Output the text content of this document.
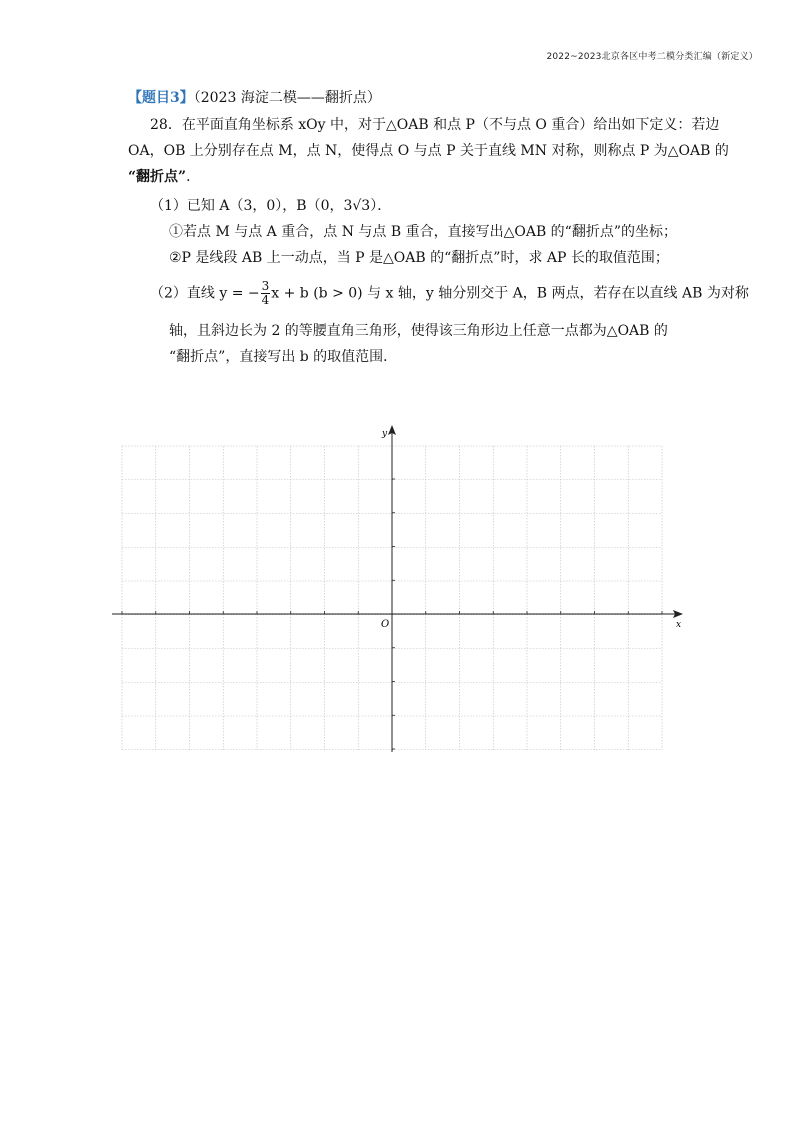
2022~2023北京各区中考二模分类汇编（新定义）
【题目3】（2023 海淀二模——翻折点）
28．在平面直角坐标系 xOy 中，对于△OAB 和点 P（不与点 O 重合）给出如下定义：若边
OA，OB 上分别存在点 M，点 N，使得点 O 与点 P 关于直线 MN 对称，则称点 P 为△OAB 的
“翻折点”．
（1）已知 A（3，0），B（0，3√3）．
①若点 M 与点 A 重合，点 N 与点 B 重合，直接写出△OAB 的“翻折点”的坐标；
②P 是线段 AB 上一动点，当 P 是△OAB 的“翻折点”时，求 AP 长的取值范围；
（2）直线 y = − $\frac{3}{4}$ x + b (b > 0) 与 x 轴，y 轴分别交于 A，B 两点，若存在以直线 AB 为对称
轴，且斜边长为 2 的等腰直角三角形，使得该三角形边上任意一点都为△OAB 的
“翻折点”，直接写出 b 的取值范围．
x
y
O
